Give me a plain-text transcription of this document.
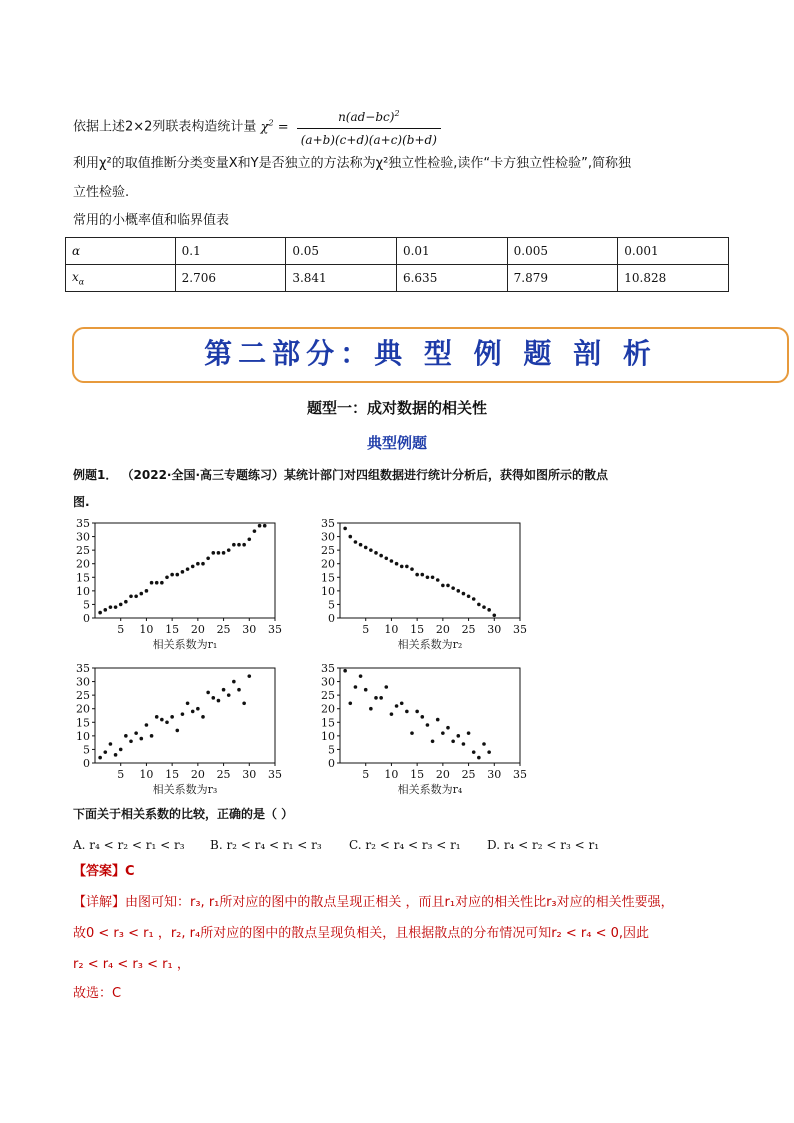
依据上述2×2列联表构造统计量 $\chi^2 = \frac{n(ad-bc)^2}{(a+b)(c+d)(a+c)(b+d)}$
利用χ²的取值推断分类变量X和Y是否独立的方法称为χ²独立性检验,读作“卡方独立性检验”,简称独
立性检验.
常用的小概率值和临界值表
α	0.1	0.05	0.01	0.005	0.001
$x_\alpha$	2.706	3.841	6.635	7.879	10.828
第二部分：典 型 例 题 剖 析
题型一：成对数据的相关性
典型例题
例题1． （2022·全国·高三专题练习）某统计部门对四组数据进行统计分析后，获得如图所示的散点
图.
0
5
10
15
20
25
30
35
5 10 15 20 25 30 35
相关系数为r₁
0
5
10
15
20
25
30
35
5 10 15 20 25 30 35
相关系数为r₂
0
5
10
15
20
25
30
35
5 10 15 20 25 30 35
相关系数为r₃
0
5
10
15
20
25
30
35
5 10 15 20 25 30 35
相关系数为r₄
下面关于相关系数的比较，正确的是（ ）
A. r₄ < r₂ < r₁ < r₃ B. r₂ < r₄ < r₁ < r₃ C. r₂ < r₄ < r₃ < r₁ D. r₄ < r₂ < r₃ < r₁
【答案】C
【详解】由图可知：r₃, r₁所对应的图中的散点呈现正相关 ，而且r₁对应的相关性比r₃对应的相关性要强，
故0 < r₃ < r₁ ，r₂, r₄所对应的图中的散点呈现负相关，且根据散点的分布情况可知r₂ < r₄ < 0,因此
r₂ < r₄ < r₃ < r₁ ，
故选：C
